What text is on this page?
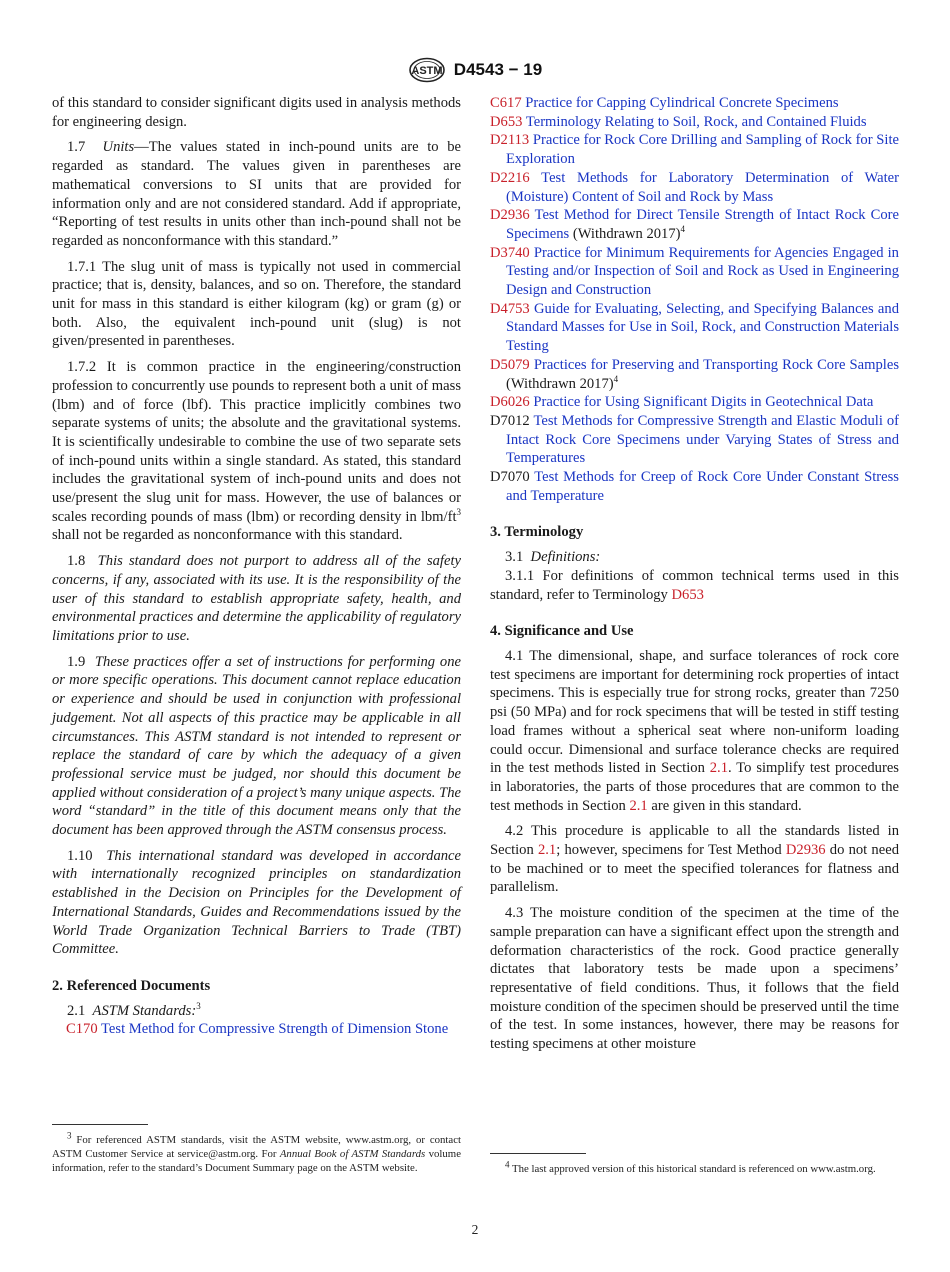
ASTM D4543 − 19

of this standard to consider significant digits used in analysis methods for engineering design.

1.7 Units—The values stated in inch-pound units are to be regarded as standard. The values given in parentheses are mathematical conversions to SI units that are provided for information only and are not considered standard. Add if appropriate, “Reporting of test results in units other than inch-pound shall not be regarded as nonconformance with this standard.”

1.7.1 The slug unit of mass is typically not used in commercial practice; that is, density, balances, and so on. Therefore, the standard unit for mass in this standard is either kilogram (kg) or gram (g) or both. Also, the equivalent inch-pound unit (slug) is not given/presented in parentheses.

1.7.2 It is common practice in the engineering/construction profession to concurrently use pounds to represent both a unit of mass (lbm) and of force (lbf). This practice implicitly combines two separate systems of units; the absolute and the gravitational systems. It is scientifically undesirable to combine the use of two separate sets of inch-pound units within a single standard. As stated, this standard includes the gravitational system of inch-pound units and does not use/present the slug unit for mass. However, the use of balances or scales recording pounds of mass (lbm) or recording density in lbm/$ft^3$ shall not be regarded as nonconformance with this standard.

1.8 This standard does not purport to address all of the safety concerns, if any, associated with its use. It is the responsibility of the user of this standard to establish appropriate safety, health, and environmental practices and determine the applicability of regulatory limitations prior to use.

1.9 These practices offer a set of instructions for performing one or more specific operations. This document cannot replace education or experience and should be used in conjunction with professional judgement. Not all aspects of this practice may be applicable in all circumstances. This ASTM standard is not intended to represent or replace the standard of care by which the adequacy of a given professional service must be judged, nor should this document be applied without consideration of a project’s many unique aspects. The word “standard” in the title of this document means only that the document has been approved through the ASTM consensus process.

1.10 This international standard was developed in accordance with internationally recognized principles on standardization established in the Decision on Principles for the Development of International Standards, Guides and Recommendations issued by the World Trade Organization Technical Barriers to Trade (TBT) Committee.

2. Referenced Documents

2.1 ASTM Standards:$^3$

C170 Test Method for Compressive Strength of Dimension Stone
C617 Practice for Capping Cylindrical Concrete Specimens
D653 Terminology Relating to Soil, Rock, and Contained Fluids
D2113 Practice for Rock Core Drilling and Sampling of Rock for Site Exploration
D2216 Test Methods for Laboratory Determination of Water (Moisture) Content of Soil and Rock by Mass
D2936 Test Method for Direct Tensile Strength of Intact Rock Core Specimens (Withdrawn 2017)$^4$
D3740 Practice for Minimum Requirements for Agencies Engaged in Testing and/or Inspection of Soil and Rock as Used in Engineering Design and Construction
D4753 Guide for Evaluating, Selecting, and Specifying Balances and Standard Masses for Use in Soil, Rock, and Construction Materials Testing
D5079 Practices for Preserving and Transporting Rock Core Samples (Withdrawn 2017)$^4$
D6026 Practice for Using Significant Digits in Geotechnical Data
D7012 Test Methods for Compressive Strength and Elastic Moduli of Intact Rock Core Specimens under Varying States of Stress and Temperatures
D7070 Test Methods for Creep of Rock Core Under Constant Stress and Temperature
3. Terminology

3.1 Definitions:

3.1.1 For definitions of common technical terms used in this standard, refer to Terminology D653

4. Significance and Use

4.1 The dimensional, shape, and surface tolerances of rock core test specimens are important for determining rock properties of intact specimens. This is especially true for strong rocks, greater than 7250 psi (50 MPa) and for rock specimens that will be tested in stiff testing load frames without a spherical seat where non-uniform loading could occur. Dimensional and surface tolerance checks are required in the test methods listed in Section 2.1. To simplify test procedures in laboratories, the parts of those procedures that are common to the test methods in Section 2.1 are given in this standard.

4.2 This procedure is applicable to all the standards listed in Section 2.1; however, specimens for Test Method D2936 do not need to be machined or to meet the specified tolerances for flatness and parallelism.

4.3 The moisture condition of the specimen at the time of the sample preparation can have a significant effect upon the strength and deformation characteristics of the rock. Good practice generally dictates that laboratory tests be made upon a specimens’ representative of field conditions. Thus, it follows that the field moisture condition of the specimen should be preserved until the time of the test. In some instances, however, there may be reasons for testing specimens at other moisture

$^3$ For referenced ASTM standards, visit the ASTM website, www.astm.org, or contact ASTM Customer Service at service@astm.org. For Annual Book of ASTM Standards volume information, refer to the standard’s Document Summary page on the ASTM website.	$^4$ The last approved version of this historical standard is referenced on www.astm.org.

2
